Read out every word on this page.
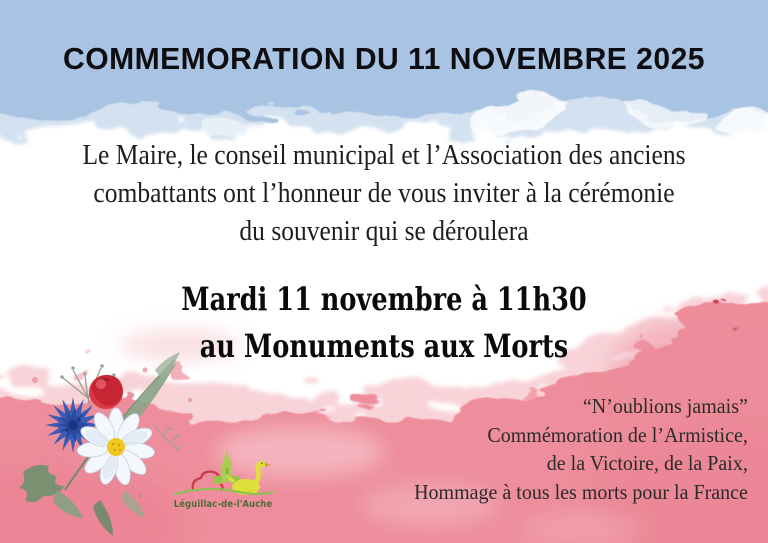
Léguillac-de-l'Auche
COMMEMORATION DU 11 NOVEMBRE 2025
Le Maire, le conseil municipal et l’Association des anciens
combattants ont l’honneur de vous inviter à la cérémonie
du souvenir qui se déroulera
Mardi 11 novembre à 11h30
au Monuments aux Morts
“N’oublions jamais”
Commémoration de l’Armistice,
de la Victoire, de la Paix,
Hommage à tous les morts pour la France
